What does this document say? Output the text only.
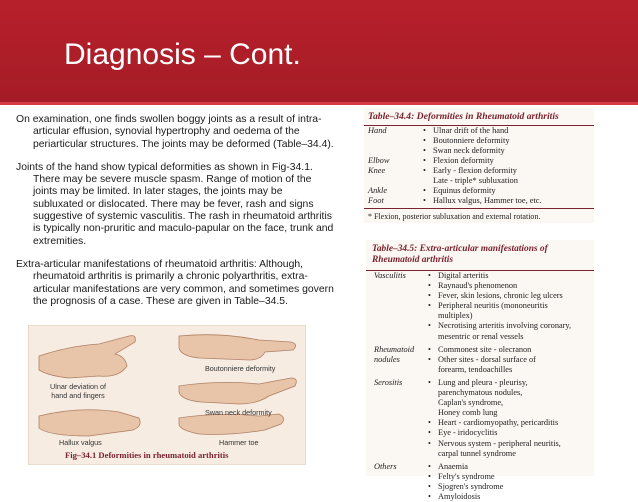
Diagnosis – Cont.

On examination, one finds swollen boggy joints as a result of intra-articular effusion, synovial hypertrophy and oedema of the periarticular structures. The joints may be deformed (Table–34.4).

Joints of the hand show typical deformities as shown in Fig-34.1. There may be severe muscle spasm. Range of motion of the joints may be limited. In later stages, the joints may be subluxated or dislocated. There may be fever, rash and signs suggestive of systemic vasculitis. The rash in rheumatoid arthritis is typically non-pruritic and maculo-papular on the face, trunk and extremities.

Extra-articular manifestations of rheumatoid arthritis: Although, rheumatoid arthritis is primarily a chronic polyarthritis, extra-articular manifestations are very common, and sometimes govern the prognosis of a case. These are given in Table–34.5.

Table–34.4: Deformities in Rheumatoid arthritis
Hand	• Ulnar drift of the hand
• Boutonniere deformity
• Swan neck deformity
Elbow	• Flexion deformity
Knee	• Early - flexion deformity
Late - triple* subluxation
Ankle	• Equinus deformity
Foot	• Hallux valgus, Hammer toe, etc.
* Flexion, posterior subluxation and external rotation.
Table–34.5: Extra-articular manifestations of Rheumatoid arthritis
Vasculitis	• Digital arteritis
• Raynaud's phenomenon
• Fever, skin lesions, chronic leg ulcers
• Peripheral neuritis (mononeuritis
multiplex)
• Necrotising arteritis involving coronary,
mesentric or renal vessels
Rheumatoid nodules
• Commonest site - olecranon
• Other sites - dorsal surface of
forearm, tendoachilles
Serositis	• Lung and pleura - pleurisy,
parenchymatous nodules,
Caplan's syndrome,
Honey comb lung
• Heart - cardiomyopathy, pericarditis
• Eye - iridocyclitis
• Nervous system - peripheral neuritis,
carpal tunnel syndrome
Others	• Anaemia
• Felty's syndrome
• Sjogren's syndrome
• Amyloidosis
Boutonniere deformity
Ulnar deviation of hand and fingers
Swan neck deformity
Hallux valgus	Hammer toe
Fig–34.1 Deformities in rheumatoid arthritis
